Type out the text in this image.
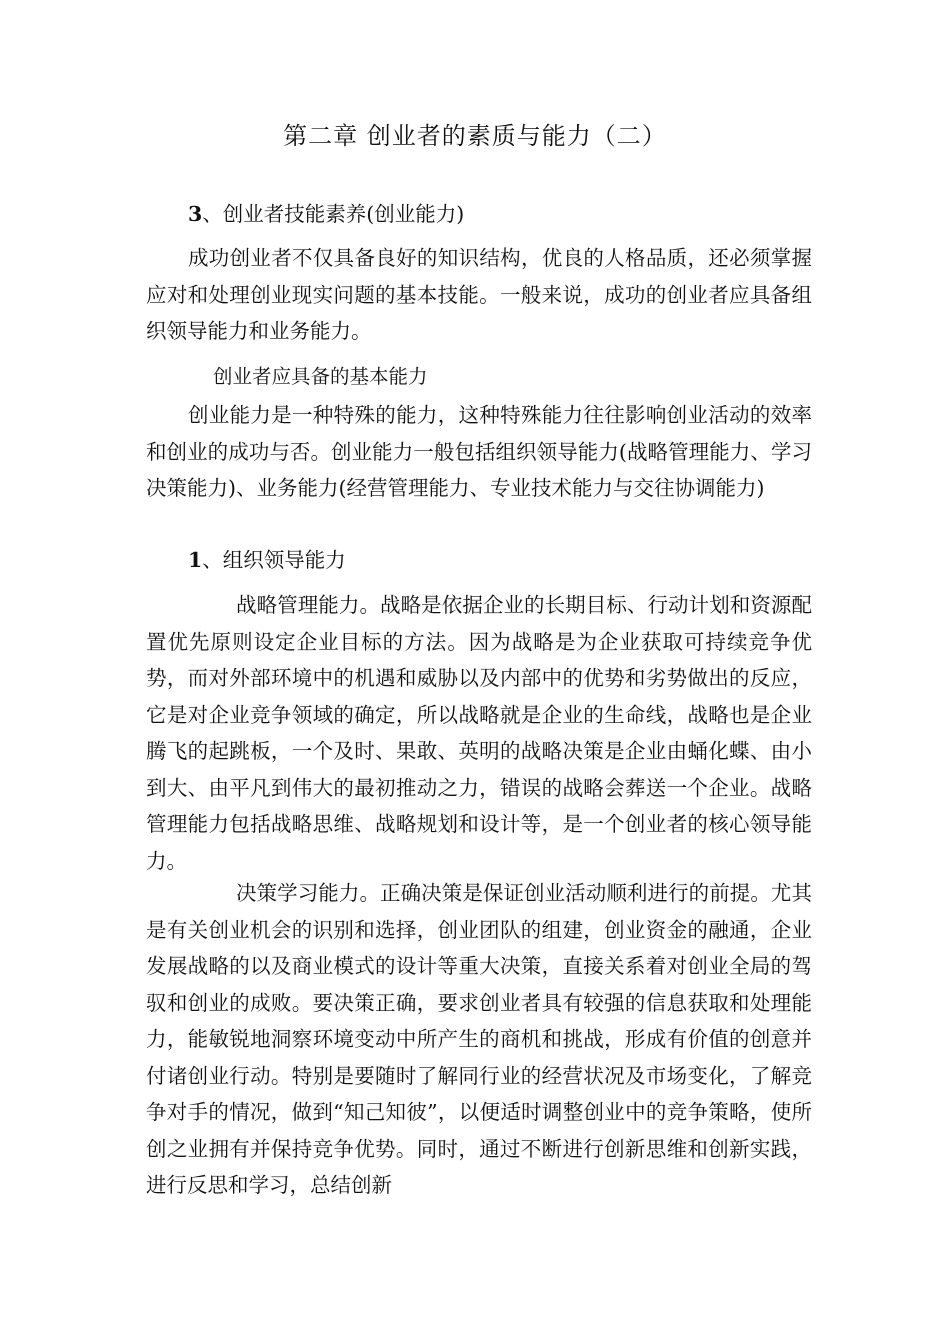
第二章 创业者的素质与能力（二）

3、创业者技能素养(创业能力)

成功创业者不仅具备良好的知识结构，优良的人格品质，还必须掌握应对和处理创业现实问题的基本技能。一般来说，成功的创业者应具备组织领导能力和业务能力。

创业者应具备的基本能力

创业能力是一种特殊的能力，这种特殊能力往往影响创业活动的效率和创业的成功与否。创业能力一般包括组织领导能力(战略管理能力、学习决策能力)、业务能力(经营管理能力、专业技术能力与交往协调能力)

1、组织领导能力

战略管理能力。战略是依据企业的长期目标、行动计划和资源配置优先原则设定企业目标的方法。因为战略是为企业获取可持续竞争优势，而对外部环境中的机遇和威胁以及内部中的优势和劣势做出的反应，它是对企业竞争领域的确定，所以战略就是企业的生命线，战略也是企业腾飞的起跳板，一个及时、果敢、英明的战略决策是企业由蛹化蝶、由小到大、由平凡到伟大的最初推动之力，错误的战略会葬送一个企业。战略管理能力包括战略思维、战略规划和设计等，是一个创业者的核心领导能力。

决策学习能力。正确决策是保证创业活动顺利进行的前提。尤其是有关创业机会的识别和选择，创业团队的组建，创业资金的融通，企业发展战略的以及商业模式的设计等重大决策，直接关系着对创业全局的驾驭和创业的成败。要决策正确，要求创业者具有较强的信息获取和处理能力，能敏锐地洞察环境变动中所产生的商机和挑战，形成有价值的创意并付诸创业行动。特别是要随时了解同行业的经营状况及市场变化，了解竞争对手的情况，做到“知己知彼”，以便适时调整创业中的竞争策略，使所创之业拥有并保持竞争优势。同时，通过不断进行创新思维和创新实践，进行反思和学习，总结创新
